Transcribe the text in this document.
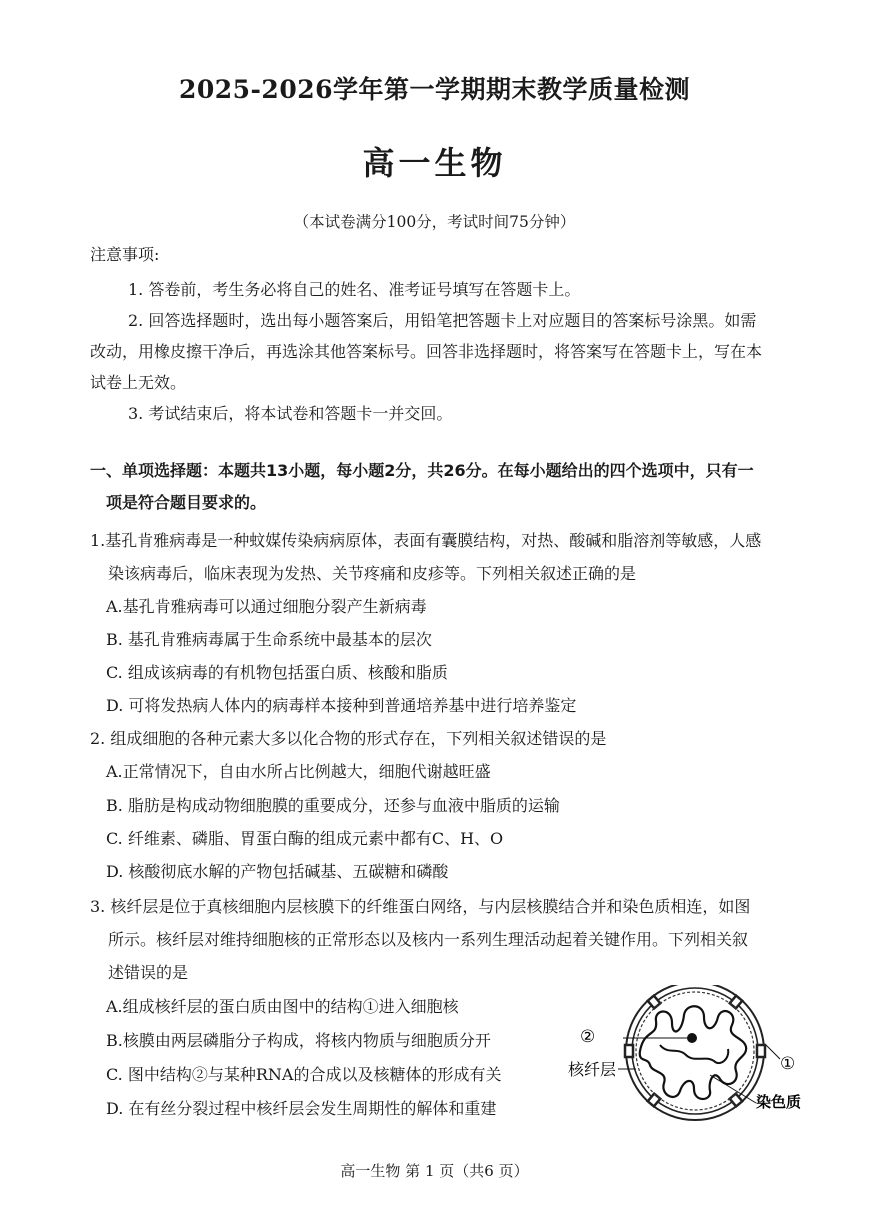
2025-2026学年第一学期期末教学质量检测
高一生物
（本试卷满分100分，考试时间75分钟）
注意事项:
1. 答卷前，考生务必将自己的姓名、准考证号填写在答题卡上。
2. 回答选择题时，选出每小题答案后，用铅笔把答题卡上对应题目的答案标号涂黑。如需
改动，用橡皮擦干净后，再选涂其他答案标号。回答非选择题时，将答案写在答题卡上，写在本
试卷上无效。
3. 考试结束后，将本试卷和答题卡一并交回。
一、单项选择题：本题共13小题，每小题2分，共26分。在每小题给出的四个选项中，只有一
项是符合题目要求的。
1.基孔肯雅病毒是一种蚊媒传染病病原体，表面有囊膜结构，对热、酸碱和脂溶剂等敏感，人感
染该病毒后，临床表现为发热、关节疼痛和皮疹等。下列相关叙述正确的是
A.基孔肯雅病毒可以通过细胞分裂产生新病毒
B. 基孔肯雅病毒属于生命系统中最基本的层次
C. 组成该病毒的有机物包括蛋白质、核酸和脂质
D. 可将发热病人体内的病毒样本接种到普通培养基中进行培养鉴定
2. 组成细胞的各种元素大多以化合物的形式存在，下列相关叙述错误的是
A.正常情况下，自由水所占比例越大，细胞代谢越旺盛
B. 脂肪是构成动物细胞膜的重要成分，还参与血液中脂质的运输
C. 纤维素、磷脂、胃蛋白酶的组成元素中都有C、H、O
D. 核酸彻底水解的产物包括碱基、五碳糖和磷酸
3. 核纤层是位于真核细胞内层核膜下的纤维蛋白网络，与内层核膜结合并和染色质相连，如图
所示。核纤层对维持细胞核的正常形态以及核内一系列生理活动起着关键作用。下列相关叙
述错误的是
A.组成核纤层的蛋白质由图中的结构①进入细胞核
B.核膜由两层磷脂分子构成，将核内物质与细胞质分开
C. 图中结构②与某种RNA的合成以及核糖体的形成有关
D. 在有丝分裂过程中核纤层会发生周期性的解体和重建
②
核纤层	①
染色质
高一生物 第 1 页（共6 页）
